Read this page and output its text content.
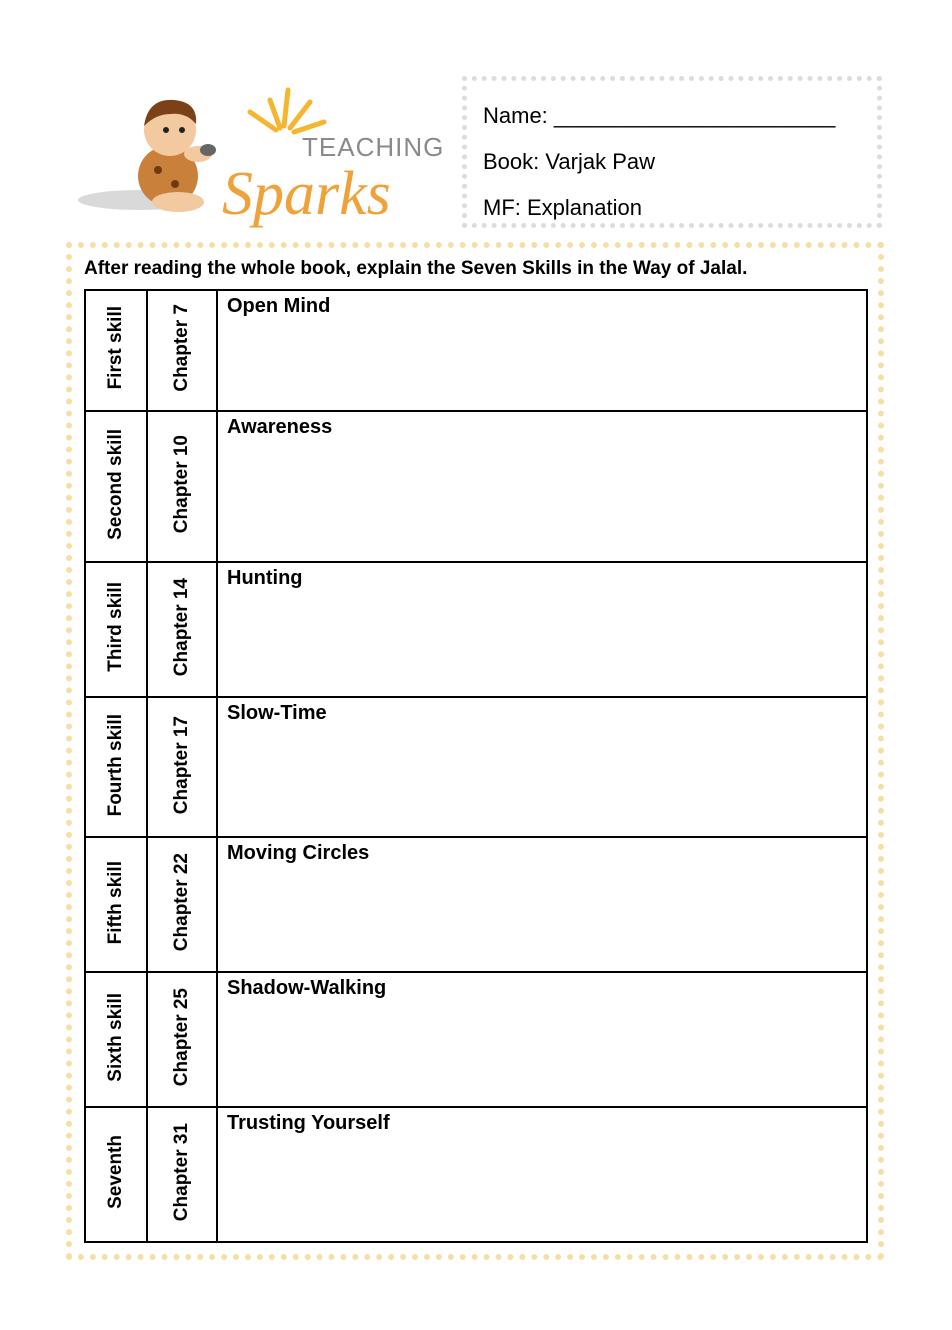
TEACHING
Sparks
Name: _______________________
Book: Varjak Paw
MF: Explanation
After reading the whole book, explain the Seven Skills in the Way of Jalal.
First skill	Chapter 7	Open Mind
Second skill	Chapter 10	Awareness
Third skill	Chapter 14	Hunting
Fourth skill	Chapter 17	Slow-Time
Fifth skill	Chapter 22	Moving Circles
Sixth skill	Chapter 25	Shadow-Walking
Seventh	Chapter 31	Trusting Yourself
